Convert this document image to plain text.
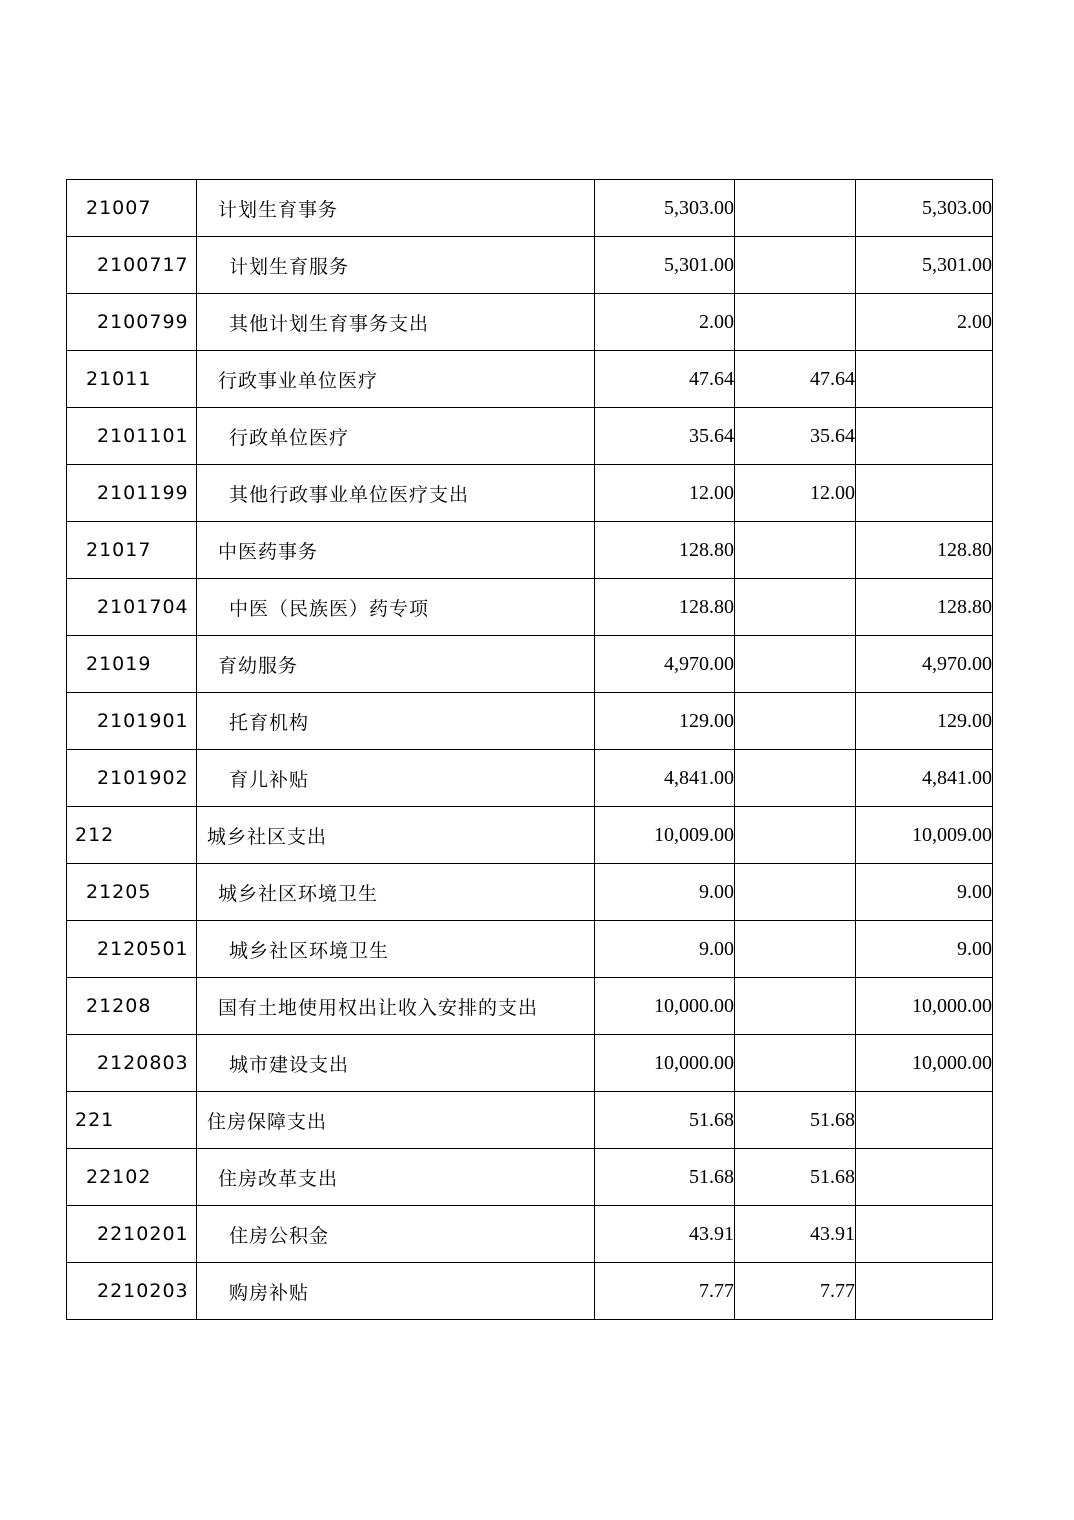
21007	计划生育事务	5,303.00		5,303.00
2100717	计划生育服务	5,301.00		5,301.00
2100799	其他计划生育事务支出	2.00		2.00
21011	行政事业单位医疗	47.64	47.64	
2101101	行政单位医疗	35.64	35.64	
2101199	其他行政事业单位医疗支出	12.00	12.00	
21017	中医药事务	128.80		128.80
2101704	中医（民族医）药专项	128.80		128.80
21019	育幼服务	4,970.00		4,970.00
2101901	托育机构	129.00		129.00
2101902	育儿补贴	4,841.00		4,841.00
212	城乡社区支出	10,009.00		10,009.00
21205	城乡社区环境卫生	9.00		9.00
2120501	城乡社区环境卫生	9.00		9.00
21208	国有土地使用权出让收入安排的支出	10,000.00		10,000.00
2120803	城市建设支出	10,000.00		10,000.00
221	住房保障支出	51.68	51.68	
22102	住房改革支出	51.68	51.68	
2210201	住房公积金	43.91	43.91	
2210203	购房补贴	7.77	7.77	
